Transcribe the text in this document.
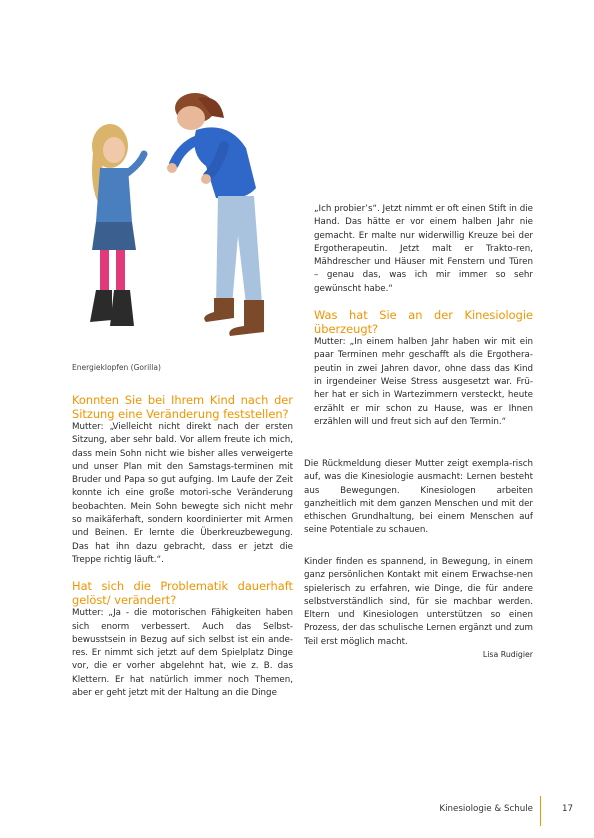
Energieklopfen (Gorilla)
Konnten Sie bei Ihrem Kind nach der Sitzung eine Veränderung feststellen?

Mutter: „Vielleicht nicht direkt nach der ersten Sitzung, aber sehr bald. Vor allem freute ich mich, dass mein Sohn nicht wie bisher alles verweigerte und unser Plan mit den Samstags-terminen mit Bruder und Papa so gut aufging. Im Laufe der Zeit konnte ich eine große motori-sche Veränderung beobachten. Mein Sohn bewegte sich nicht mehr so maikäferhaft, sondern koordinierter mit Armen und Beinen. Er lernte die Überkreuzbewegung. Das hat ihn dazu gebracht, dass er jetzt die Treppe richtig läuft.“.

Hat sich die Problematik dauerhaft gelöst/ verändert?

Mutter: „Ja - die motorischen Fähigkeiten haben sich enorm verbessert. Auch das Selbst-bewusstsein in Bezug auf sich selbst ist ein ande-res. Er nimmt sich jetzt auf dem Spielplatz Dinge vor, die er vorher abgelehnt hat, wie z. B. das Klettern. Er hat natürlich immer noch Themen, aber er geht jetzt mit der Haltung an die Dinge

„Ich probier’s“. Jetzt nimmt er oft einen Stift in die Hand. Das hätte er vor einem halben Jahr nie gemacht. Er malte nur widerwillig Kreuze bei der Ergotherapeutin. Jetzt malt er Trakto-ren, Mähdrescher und Häuser mit Fenstern und Türen – genau das, was ich mir immer so sehr gewünscht habe.“

Was hat Sie an der Kinesiologie überzeugt?

Mutter: „In einem halben Jahr haben wir mit ein paar Terminen mehr geschafft als die Ergothera-peutin in zwei Jahren davor, ohne dass das Kind in irgendeiner Weise Stress ausgesetzt war. Frü-her hat er sich in Wartezimmern versteckt, heute erzählt er mir schon zu Hause, was er Ihnen erzählen will und freut sich auf den Termin.“

Die Rückmeldung dieser Mutter zeigt exempla-risch auf, was die Kinesiologie ausmacht: Lernen besteht aus Bewegungen. Kinesiologen arbeiten ganzheitlich mit dem ganzen Menschen und mit der ethischen Grundhaltung, bei einem Menschen auf seine Potentiale zu schauen.

Kinder finden es spannend, in Bewegung, in einem ganz persönlichen Kontakt mit einem Erwachse-nen spielerisch zu erfahren, wie Dinge, die für andere selbstverständlich sind, für sie machbar werden. Eltern und Kinesiologen unterstützen so einen Prozess, der das schulische Lernen ergänzt und zum Teil erst möglich macht.

Lisa Rudigier
Kinesiologie & Schule	17
